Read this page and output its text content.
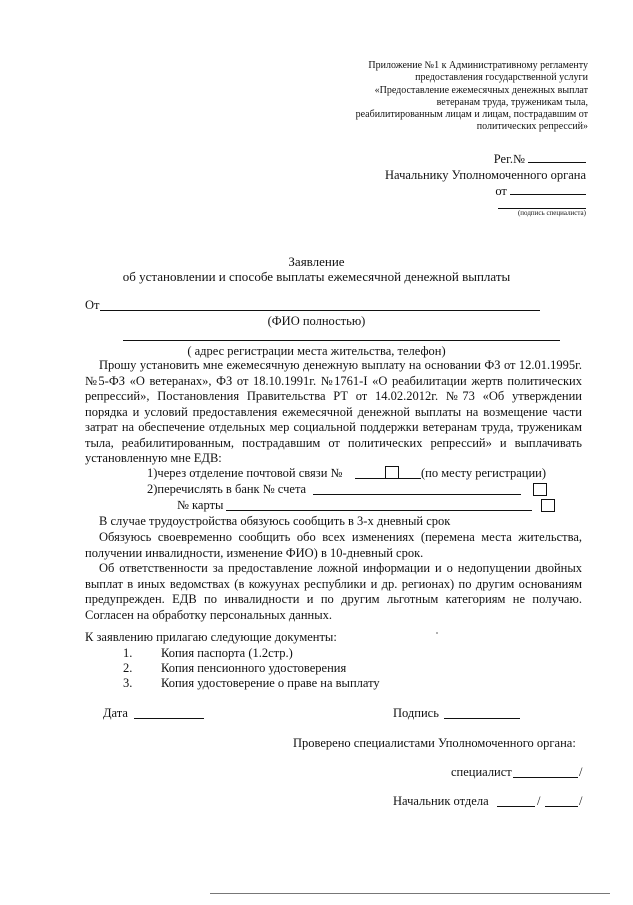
Приложение №1 к Административному регламенту
предоставления государственной услуги
«Предоставление ежемесячных денежных выплат
ветеранам труда, труженикам тыла,
реабилитированным лицам и лицам, пострадавшим от
политических репрессий»
Рег.№
Начальнику Уполномоченного органа
от
(подпись специалиста)
Заявление
об установлении и способе выплаты ежемесячной денежной выплаты
От
(ФИО полностью)
( адрес регистрации места жительства, телефон)
Прошу установить мне ежемесячную денежную выплату на основании ФЗ от 12.01.1995г. №5-ФЗ «О ветеранах», ФЗ от 18.10.1991г. №1761-I «О реабилитации жертв политических репрессий», Постановления Правительства РТ от 14.02.2012г. №73 «Об утверждении порядка и условий предоставления ежемесячной денежной выплаты на возмещение части затрат на обеспечение отдельных мер социальной поддержки ветеранам труда, труженикам тыла, реабилитированным, пострадавшим от политических репрессий» и выплачивать установленную мне ЕДВ:
1)через отделение почтовой связи №	(по месту регистрации)
2)перечислять в банк № счета
№ карты
В случае трудоустройства обязуюсь сообщить в 3-х дневный срок
Обязуюсь своевременно сообщить обо всех изменениях (перемена места жительства, получении инвалидности, изменение ФИО) в 10-дневный срок.
Об ответственности за предоставление ложной информации и о недопущении двойных выплат в иных ведомствах (в кожуунах республики и др. регионах) по другим основаниям предупрежден. ЕДВ по инвалидности и по другим льготным категориям не получаю. Согласен на обработку персональных данных.
К заявлению прилагаю следующие документы:
1. Копия паспорта (1.2стр.)
2. Копия пенсионного удостоверения
3. Копия удостоверение о праве на выплату
Дата	Подпись
Проверено специалистами Уполномоченного органа:
специалист	/
Начальник отдела	/	/
